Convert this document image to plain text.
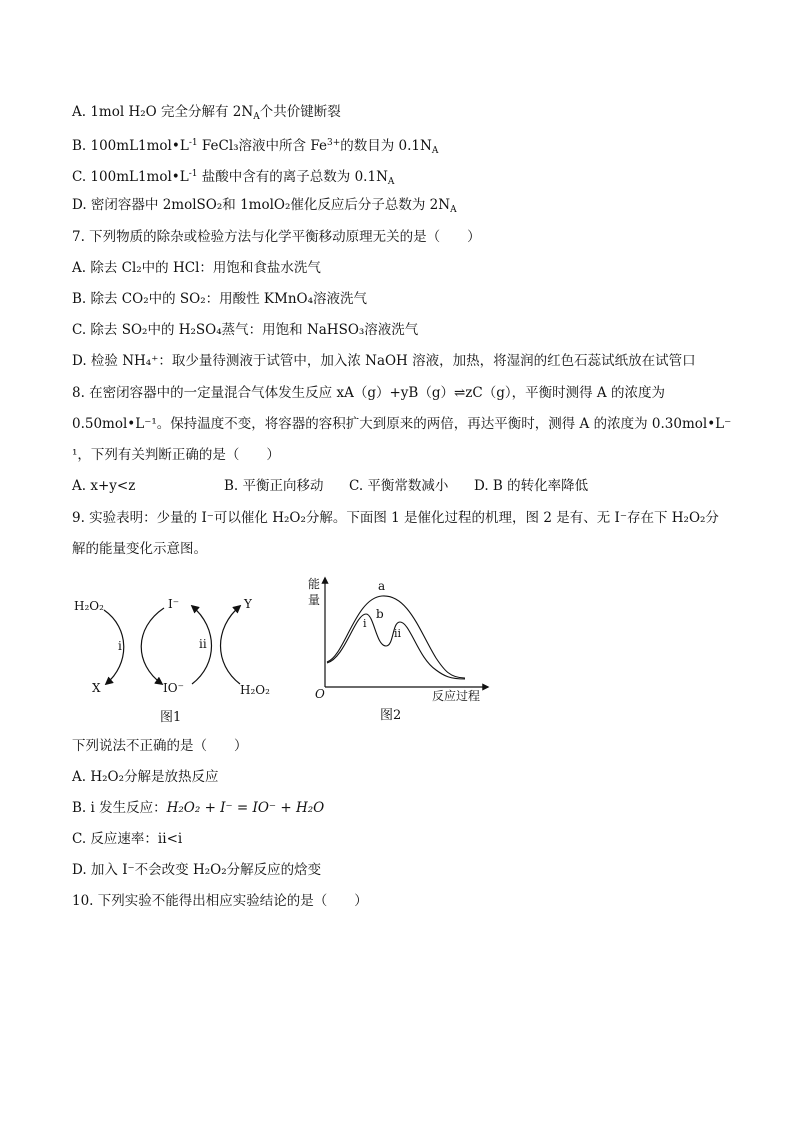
A. 1mol H₂O 完全分解有 $2N_A$个共价键断裂
B. $100mL1mol•L^{-1}$ FeCl₃溶液中所含 $Fe^{3+}$的数目为 $0.1N_A$
C. $100mL1mol•L^{-1}$ 盐酸中含有的离子总数为 $0.1N_A$
D. 密闭容器中 2molSO₂和 1molO₂催化反应后分子总数为 $2N_A$
7. 下列物质的除杂或检验方法与化学平衡移动原理无关的是（　　）
A. 除去 Cl₂中的 HCl：用饱和食盐水洗气
B. 除去 CO₂中的 SO₂：用酸性 KMnO₄溶液洗气
C. 除去 SO₂中的 H₂SO₄蒸气：用饱和 NaHSO₃溶液洗气
D. 检验 NH₄⁺：取少量待测液于试管中，加入浓 NaOH 溶液，加热，将湿润的红色石蕊试纸放在试管口
8. 在密闭容器中的一定量混合气体发生反应 xA（g）+yB（g）⇌zC（g），平衡时测得 A 的浓度为
0.50mol•L⁻¹。保持温度不变，将容器的容积扩大到原来的两倍，再达平衡时，测得 A 的浓度为 0.30mol•L⁻
¹，下列有关判断正确的是（　　）
A. x+y<z	B. 平衡正向移动 C. 平衡常数减小 D. B 的转化率降低
9. 实验表明：少量的 I⁻可以催化 H₂O₂分解。下面图 1 是催化过程的机理，图 2 是有、无 I⁻存在下 H₂O₂分
解的能量变化示意图。
H₂O₂	I⁻	Y
i	ii
X	IO⁻	H₂O₂
图1
能
量
O	反应过程
a
b
i
ii
图2
下列说法不正确的是（　　）
A. H₂O₂分解是放热反应
B. i 发生反应：H₂O₂ + I⁻ = IO⁻ + H₂O
C. 反应速率：ii<i
D. 加入 I⁻不会改变 H₂O₂分解反应的焓变
10. 下列实验不能得出相应实验结论的是（　　）
